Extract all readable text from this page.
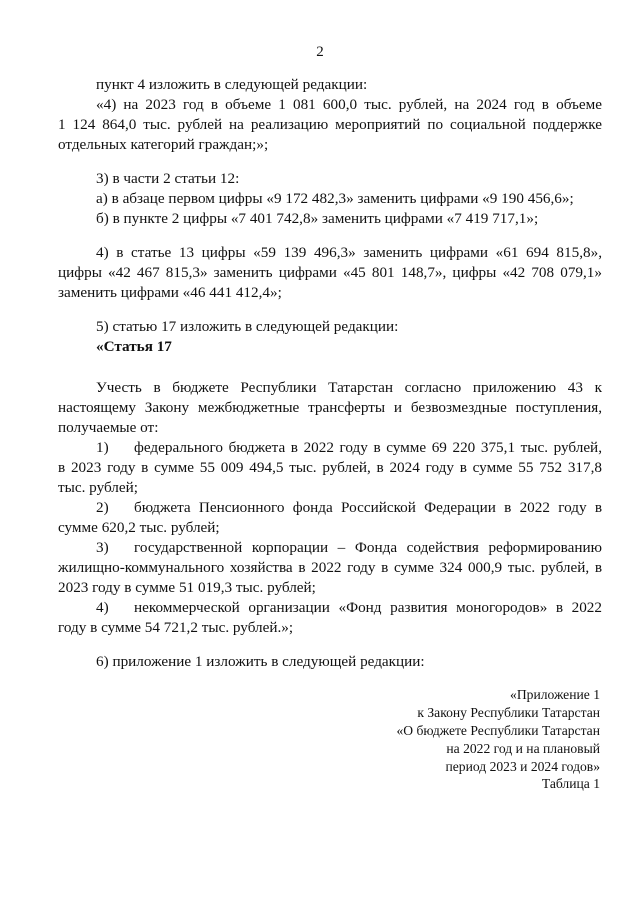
2
пункт 4 изложить в следующей редакции:
«4) на 2023 год в объеме 1 081 600,0 тыс. рублей, на 2024 год в объеме
1 124 864,0 тыс. рублей на реализацию мероприятий по социальной поддержке
отдельных категорий граждан;»;
3) в части 2 статьи 12:
а) в абзаце первом цифры «9 172 482,3» заменить цифрами «9 190 456,6»;
б) в пункте 2 цифры «7 401 742,8» заменить цифрами «7 419 717,1»;
4) в статье 13 цифры «59 139 496,3» заменить цифрами «61 694 815,8»,
цифры «42 467 815,3» заменить цифрами «45 801 148,7», цифры «42 708 079,1»
заменить цифрами «46 441 412,4»;
5) статью 17 изложить в следующей редакции:
«Статья 17
Учесть в бюджете Республики Татарстан согласно приложению 43 к
настоящему Закону межбюджетные трансферты и безвозмездные поступления,
получаемые от:
1) федерального бюджета в 2022 году в сумме 69 220 375,1 тыс. рублей,
в 2023 году в сумме 55 009 494,5 тыс. рублей, в 2024 году в сумме 55 752 317,8
тыс. рублей;
2) бюджета Пенсионного фонда Российской Федерации в 2022 году в
сумме 620,2 тыс. рублей;
3) государственной корпорации – Фонда содействия реформированию
жилищно-коммунального хозяйства в 2022 году в сумме 324 000,9 тыс. рублей, в
2023 году в сумме 51 019,3 тыс. рублей;
4) некоммерческой организации «Фонд развития моногородов» в 2022
году в сумме 54 721,2 тыс. рублей.»;
6) приложение 1 изложить в следующей редакции:
«Приложение 1
к Закону Республики Татарстан
«О бюджете Республики Татарстан
на 2022 год и на плановый
период 2023 и 2024 годов»
Таблица 1
